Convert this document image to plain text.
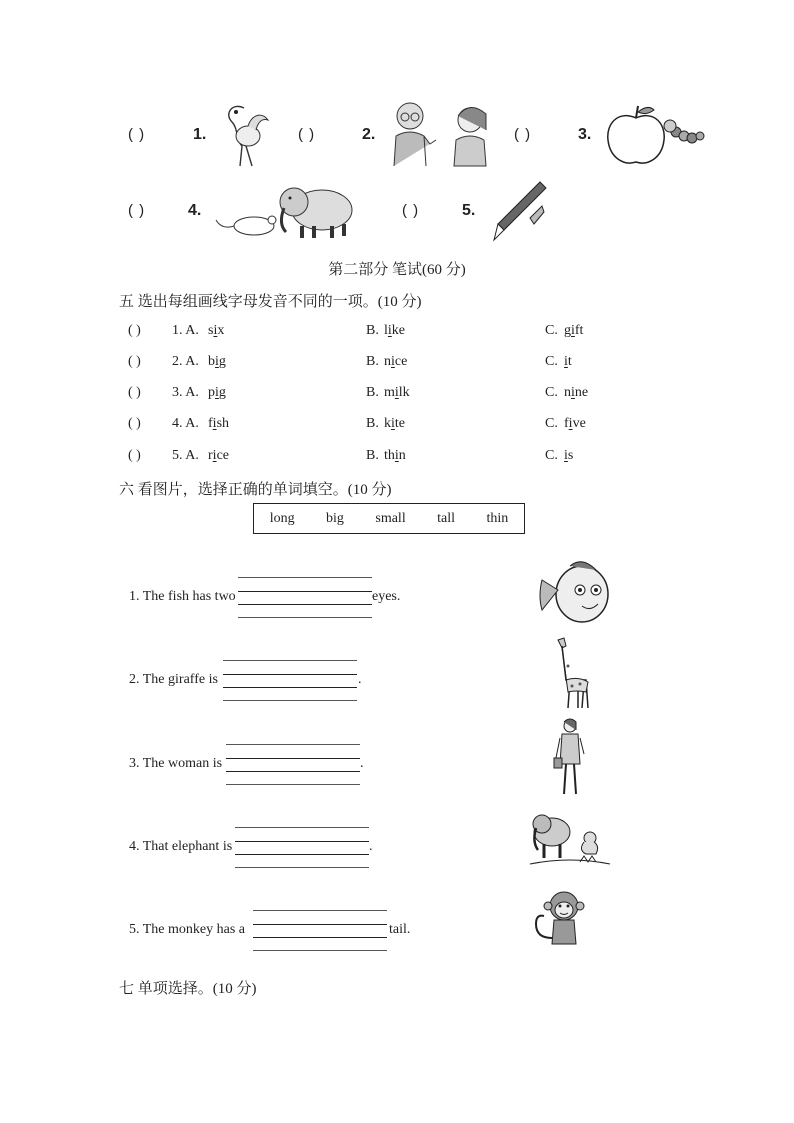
( )	1.	( )	2.	( )	3.
( )	4.	( )	5.
第二部分 笔试(60 分)
五 选出每组画线字母发音不同的一项。(10 分)
( ) 1. A. six	B. like	C. gift
( ) 2. A. big	B. nice	C. it
( ) 3. A. pig	B. milk	C. nine
( ) 4. A. fish	B. kite	C. five
( ) 5. A. rice	B. thin	C. is
六 看图片，选择正确的单词填空。(10 分)
long big small tall thin
1. The fish has two	eyes.
2. The giraffe is	.
3. The woman is	.
4. That elephant is	.
5. The monkey has a	tail.
七 单项选择。(10 分)
